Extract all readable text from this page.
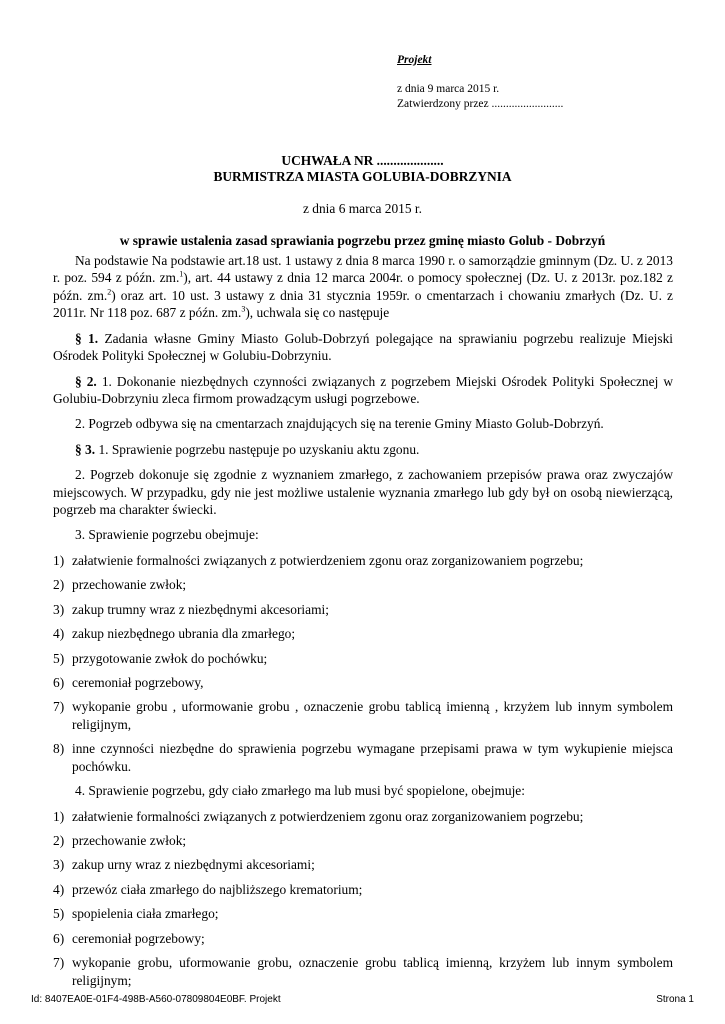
Projekt
z dnia 9 marca 2015 r.
Zatwierdzony przez .........................
UCHWAŁA NR ....................
BURMISTRZA MIASTA GOLUBIA-DOBRZYNIA
z dnia 6 marca 2015 r.
w sprawie ustalenia zasad sprawiania pogrzebu przez gminę miasto Golub - Dobrzyń

Na podstawie Na podstawie art.18 ust. 1 ustawy z dnia 8 marca 1990 r. o samorządzie gminnym (Dz. U. z 2013 r. poz. 594 z późn. zm.$^1$), art. 44 ustawy z dnia 12 marca 2004r. o pomocy społecznej (Dz. U. z 2013r. poz.182 z późn. zm.$^2$) oraz art. 10 ust. 3 ustawy z dnia 31 stycznia 1959r. o cmentarzach i chowaniu zmarłych (Dz. U. z 2011r. Nr 118 poz. 687 z późn. zm.$^3$), uchwala się co następuje

§ 1. Zadania własne Gminy Miasto Golub-Dobrzyń polegające na sprawianiu pogrzebu realizuje Miejski Ośrodek Polityki Społecznej w Golubiu-Dobrzyniu.

§ 2. 1. Dokonanie niezbędnych czynności związanych z pogrzebem Miejski Ośrodek Polityki Społecznej w Golubiu-Dobrzyniu zleca firmom prowadzącym usługi pogrzebowe.

2. Pogrzeb odbywa się na cmentarzach znajdujących się na terenie Gminy Miasto Golub-Dobrzyń.

§ 3. 1. Sprawienie pogrzebu następuje po uzyskaniu aktu zgonu.

2. Pogrzeb dokonuje się zgodnie z wyznaniem zmarłego, z zachowaniem przepisów prawa oraz zwyczajów miejscowych. W przypadku, gdy nie jest możliwe ustalenie wyznania zmarłego lub gdy był on osobą niewierzącą, pogrzeb ma charakter świecki.

3. Sprawienie pogrzebu obejmuje:

1) załatwienie formalności związanych z potwierdzeniem zgonu oraz zorganizowaniem pogrzebu;
2) przechowanie zwłok;
3) zakup trumny wraz z niezbędnymi akcesoriami;
4) zakup niezbędnego ubrania dla zmarłego;
5) przygotowanie zwłok do pochówku;
6) ceremoniał pogrzebowy,
7) wykopanie grobu , uformowanie grobu , oznaczenie grobu tablicą imienną , krzyżem lub innym symbolem religijnym,
8) inne czynności niezbędne do sprawienia pogrzebu wymagane przepisami prawa w tym wykupienie miejsca pochówku.

4. Sprawienie pogrzebu, gdy ciało zmarłego ma lub musi być spopielone, obejmuje:

1) załatwienie formalności związanych z potwierdzeniem zgonu oraz zorganizowaniem pogrzebu;
2) przechowanie zwłok;
3) zakup urny wraz z niezbędnymi akcesoriami;
4) przewóz ciała zmarłego do najbliższego krematorium;
5) spopielenia ciała zmarłego;
6) ceremoniał pogrzebowy;
7) wykopanie grobu, uformowanie grobu, oznaczenie grobu tablicą imienną, krzyżem lub innym symbolem religijnym;
Id: 8407EA0E-01F4-498B-A560-07809804E0BF. Projekt	Strona 1
